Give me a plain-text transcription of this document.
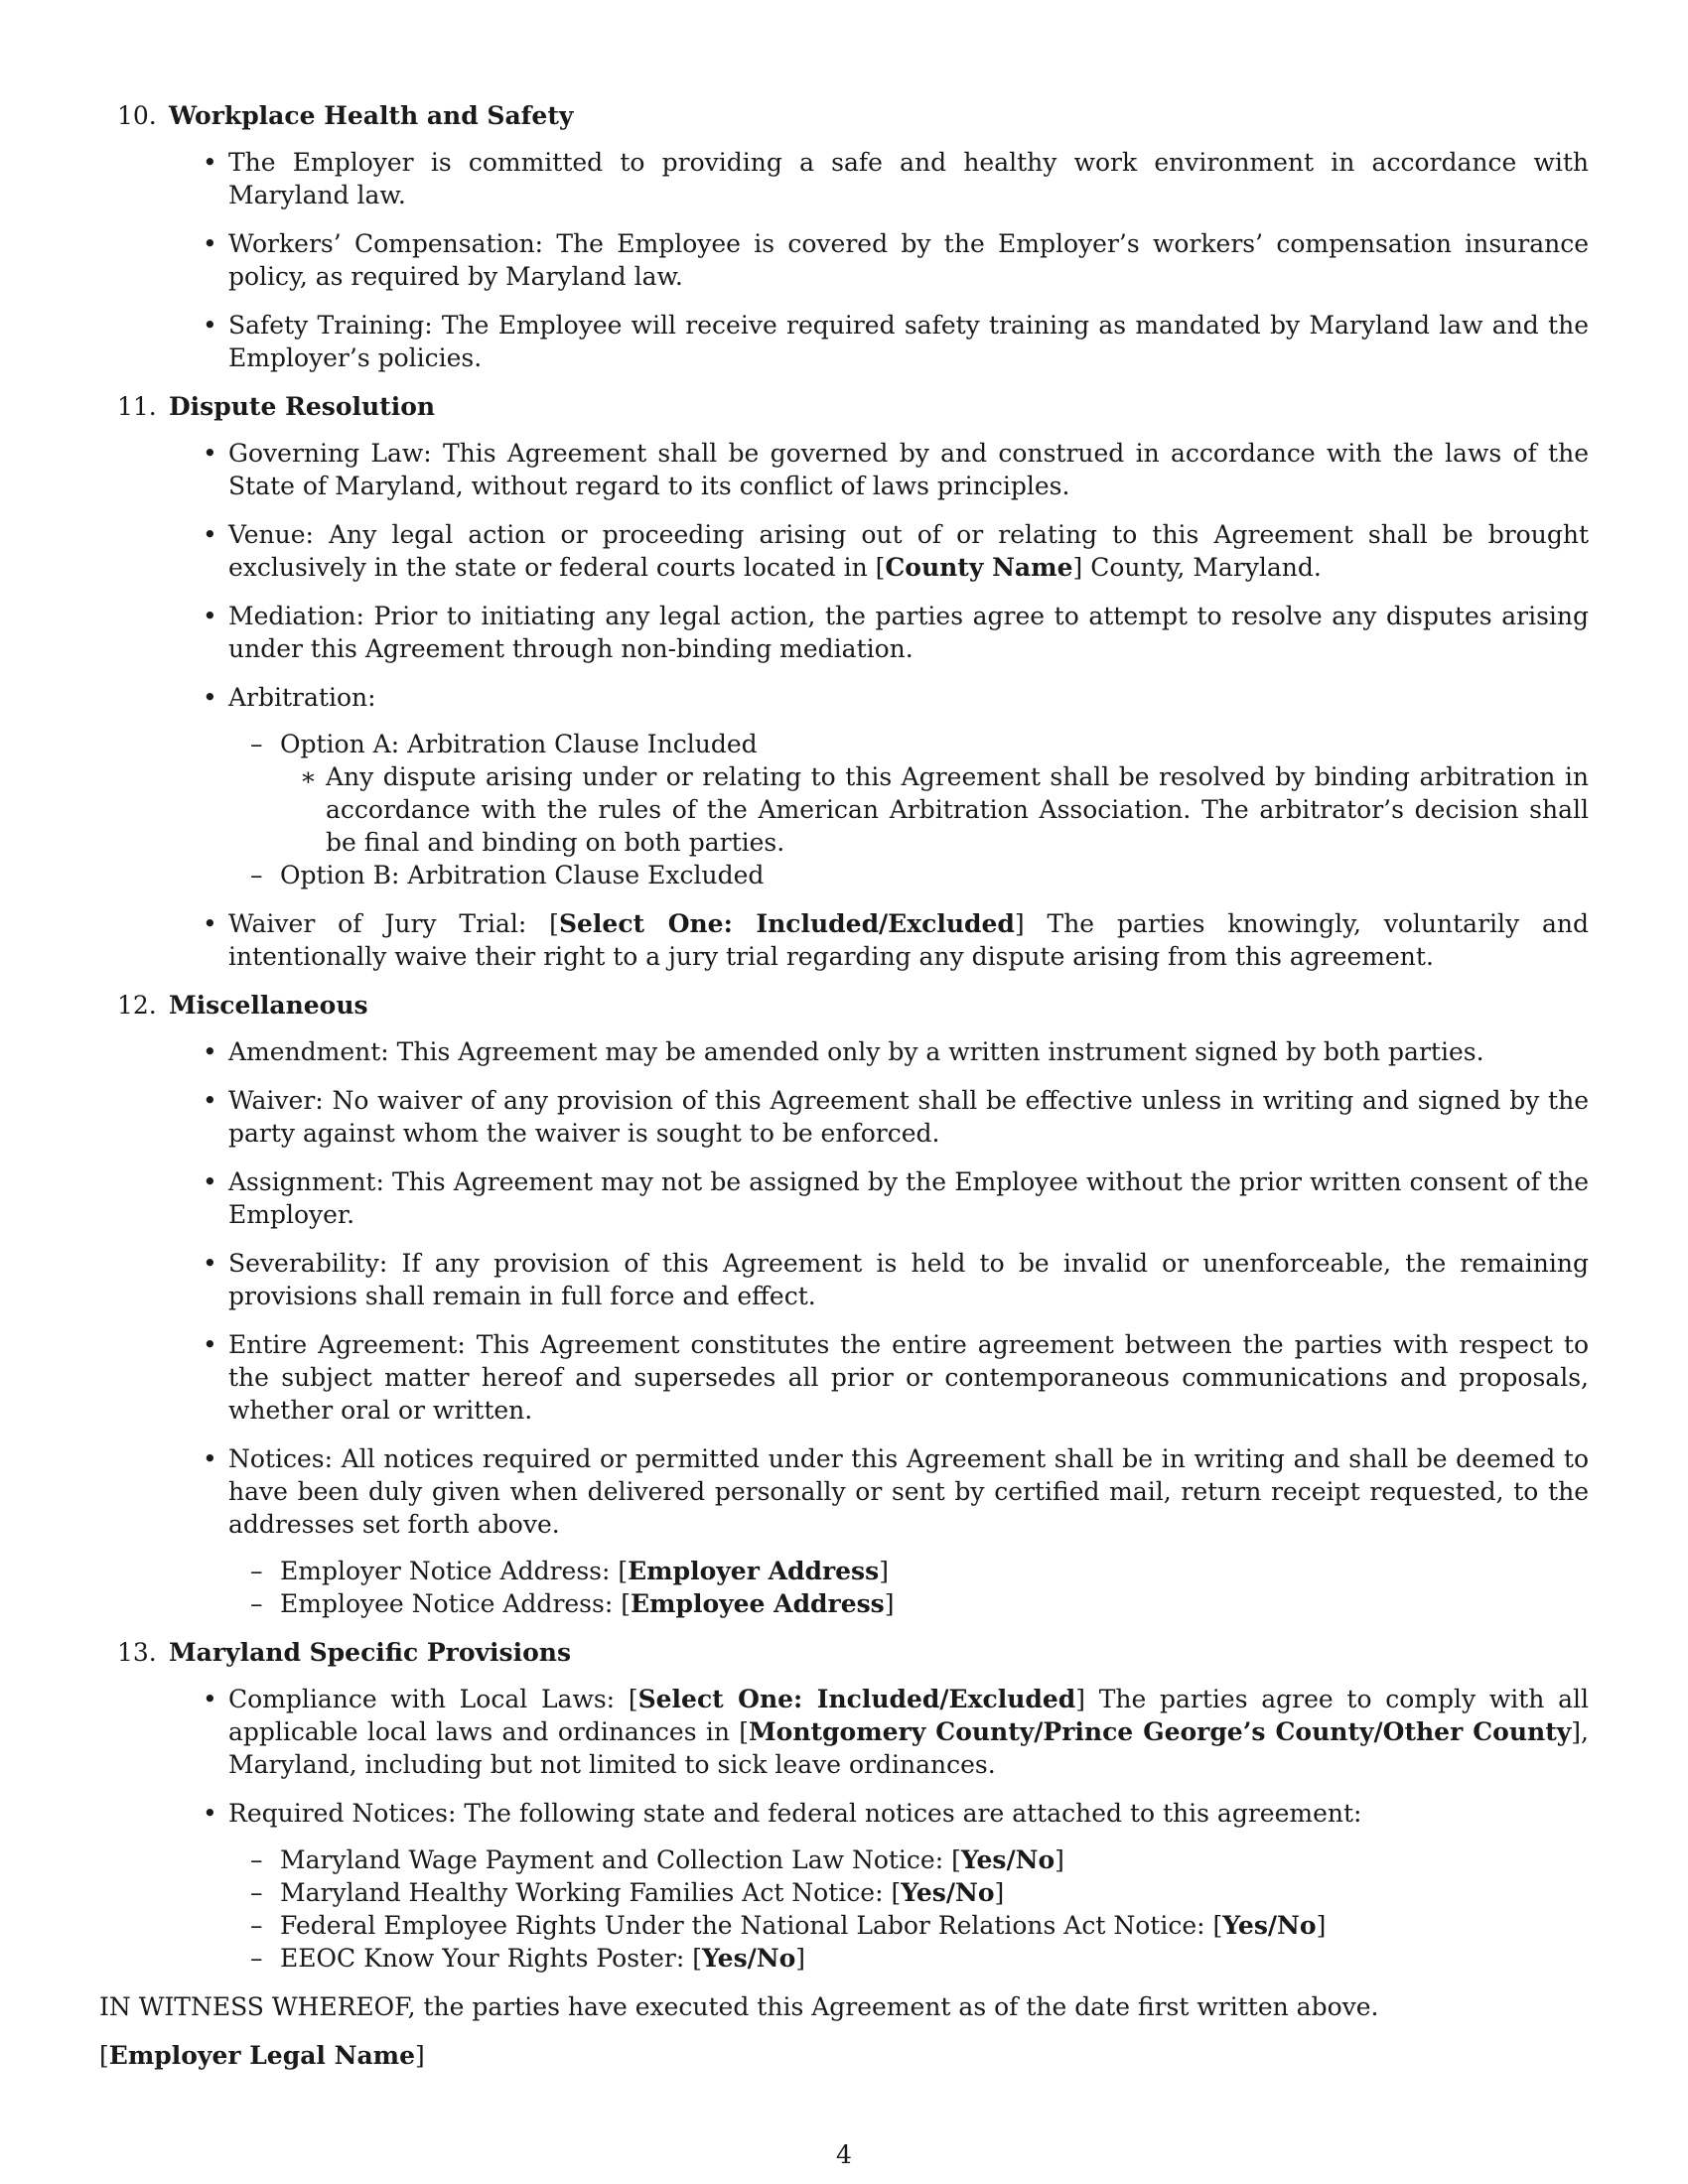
10. Workplace Health and Safety
• The Employer is committed to providing a safe and healthy work environment in accordance with Maryland law.
• Workers’ Compensation: The Employee is covered by the Employer’s workers’ compensation insurance policy, as required by Maryland law.
• Safety Training: The Employee will receive required safety training as mandated by Maryland law and the Employer’s policies.
11. Dispute Resolution
• Governing Law: This Agreement shall be governed by and construed in accordance with the laws of the State of Maryland, without regard to its conflict of laws principles.
• Venue: Any legal action or proceeding arising out of or relating to this Agreement shall be brought exclusively in the state or federal courts located in [County Name] County, Maryland.
• Mediation: Prior to initiating any legal action, the parties agree to attempt to resolve any disputes arising under this Agreement through non-binding mediation.
• Arbitration:
– Option A: Arbitration Clause Included
∗ Any dispute arising under or relating to this Agreement shall be resolved by binding arbitration in accordance with the rules of the American Arbitration Association. The arbitrator’s decision shall be final and binding on both parties.
– Option B: Arbitration Clause Excluded
• Waiver of Jury Trial: [Select One: Included/Excluded] The parties knowingly, voluntarily and intentionally waive their right to a jury trial regarding any dispute arising from this agreement.
12. Miscellaneous
• Amendment: This Agreement may be amended only by a written instrument signed by both parties.
• Waiver: No waiver of any provision of this Agreement shall be effective unless in writing and signed by the party against whom the waiver is sought to be enforced.
• Assignment: This Agreement may not be assigned by the Employee without the prior written consent of the Employer.
• Severability: If any provision of this Agreement is held to be invalid or unenforceable, the remaining provisions shall remain in full force and effect.
• Entire Agreement: This Agreement constitutes the entire agreement between the parties with respect to the subject matter hereof and supersedes all prior or contemporaneous communications and proposals, whether oral or written.
• Notices: All notices required or permitted under this Agreement shall be in writing and shall be deemed to have been duly given when delivered personally or sent by certified mail, return receipt requested, to the addresses set forth above.
– Employer Notice Address: [Employer Address]
– Employee Notice Address: [Employee Address]
13. Maryland Specific Provisions
• Compliance with Local Laws: [Select One: Included/Excluded] The parties agree to comply with all applicable local laws and ordinances in [Montgomery County/Prince George’s County/Other County], Maryland, including but not limited to sick leave ordinances.
• Required Notices: The following state and federal notices are attached to this agreement:
– Maryland Wage Payment and Collection Law Notice: [Yes/No]
– Maryland Healthy Working Families Act Notice: [Yes/No]
– Federal Employee Rights Under the National Labor Relations Act Notice: [Yes/No]
– EEOC Know Your Rights Poster: [Yes/No]
IN WITNESS WHEREOF, the parties have executed this Agreement as of the date first written above.
[Employer Legal Name]
4
